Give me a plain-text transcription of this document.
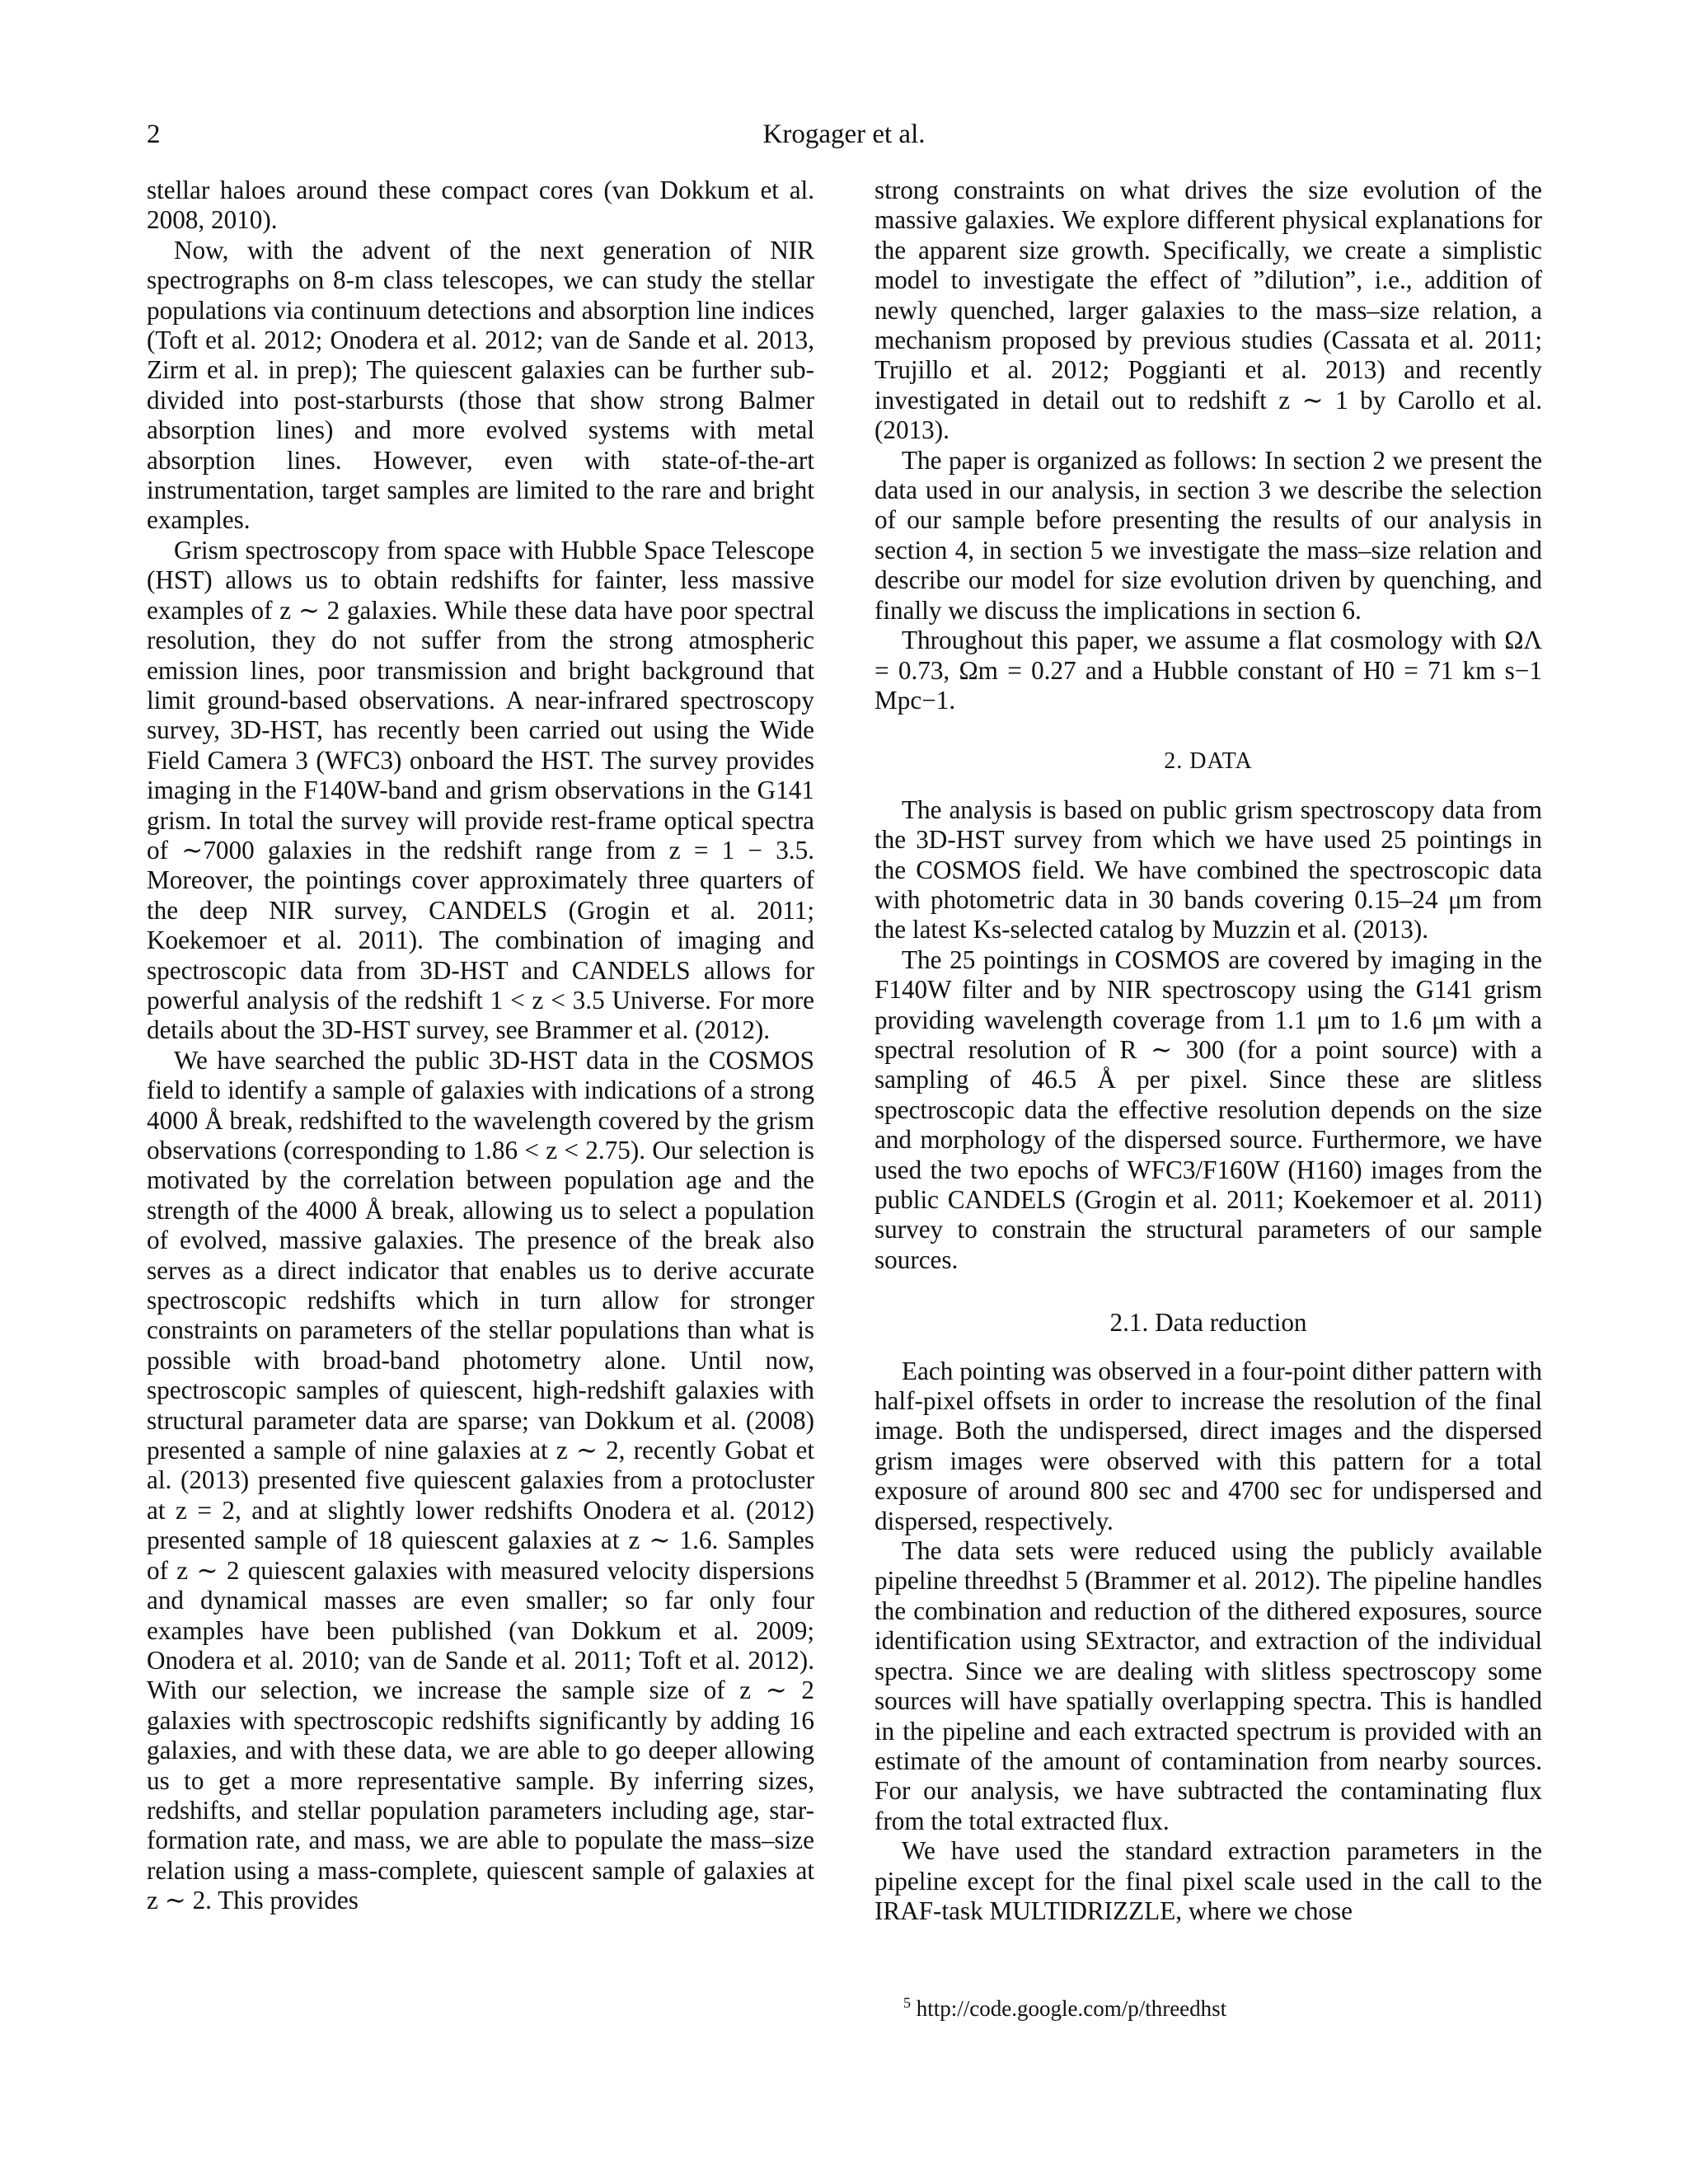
2	Krogager et al.

stellar haloes around these compact cores (van Dokkum et al. 2008, 2010).

Now, with the advent of the next generation of NIR spectrographs on 8-m class telescopes, we can study the stellar populations via continuum detections and absorption line indices (Toft et al. 2012; Onodera et al. 2012; van de Sande et al. 2013, Zirm et al. in prep); The quiescent galaxies can be further sub-divided into post-starbursts (those that show strong Balmer absorption lines) and more evolved systems with metal absorption lines. However, even with state-of-the-art instrumentation, target samples are limited to the rare and bright examples.

Grism spectroscopy from space with Hubble Space Telescope (HST) allows us to obtain redshifts for fainter, less massive examples of z ∼ 2 galaxies. While these data have poor spectral resolution, they do not suffer from the strong atmospheric emission lines, poor transmission and bright background that limit ground-based observations. A near-infrared spectroscopy survey, 3D-HST, has recently been carried out using the Wide Field Camera 3 (WFC3) onboard the HST. The survey provides imaging in the F140W-band and grism observations in the G141 grism. In total the survey will provide rest-frame optical spectra of ∼7000 galaxies in the redshift range from z = 1 − 3.5. Moreover, the pointings cover approximately three quarters of the deep NIR survey, CANDELS (Grogin et al. 2011; Koekemoer et al. 2011). The combination of imaging and spectroscopic data from 3D-HST and CANDELS allows for powerful analysis of the redshift 1 < z < 3.5 Universe. For more details about the 3D-HST survey, see Brammer et al. (2012).

We have searched the public 3D-HST data in the COSMOS field to identify a sample of galaxies with indications of a strong 4000 Å break, redshifted to the wavelength covered by the grism observations (corresponding to 1.86 < z < 2.75). Our selection is motivated by the correlation between population age and the strength of the 4000 Å break, allowing us to select a population of evolved, massive galaxies. The presence of the break also serves as a direct indicator that enables us to derive accurate spectroscopic redshifts which in turn allow for stronger constraints on parameters of the stellar populations than what is possible with broad-band photometry alone. Until now, spectroscopic samples of quiescent, high-redshift galaxies with structural parameter data are sparse; van Dokkum et al. (2008) presented a sample of nine galaxies at z ∼ 2, recently Gobat et al. (2013) presented five quiescent galaxies from a protocluster at z = 2, and at slightly lower redshifts Onodera et al. (2012) presented sample of 18 quiescent galaxies at z ∼ 1.6. Samples of z ∼ 2 quiescent galaxies with measured velocity dispersions and dynamical masses are even smaller; so far only four examples have been published (van Dokkum et al. 2009; Onodera et al. 2010; van de Sande et al. 2011; Toft et al. 2012). With our selection, we increase the sample size of z ∼ 2 galaxies with spectroscopic redshifts significantly by adding 16 galaxies, and with these data, we are able to go deeper allowing us to get a more representative sample. By inferring sizes, redshifts, and stellar population parameters including age, star-formation rate, and mass, we are able to populate the mass–size relation using a mass-complete, quiescent sample of galaxies at z ∼ 2. This provides

strong constraints on what drives the size evolution of the massive galaxies. We explore different physical explanations for the apparent size growth. Specifically, we create a simplistic model to investigate the effect of ”dilution”, i.e., addition of newly quenched, larger galaxies to the mass–size relation, a mechanism proposed by previous studies (Cassata et al. 2011; Trujillo et al. 2012; Poggianti et al. 2013) and recently investigated in detail out to redshift z ∼ 1 by Carollo et al. (2013).

The paper is organized as follows: In section 2 we present the data used in our analysis, in section 3 we describe the selection of our sample before presenting the results of our analysis in section 4, in section 5 we investigate the mass–size relation and describe our model for size evolution driven by quenching, and finally we discuss the implications in section 6.

Throughout this paper, we assume a flat cosmology with ΩΛ = 0.73, Ωm = 0.27 and a Hubble constant of H0 = 71 km s−1 Mpc−1.

2. DATA

The analysis is based on public grism spectroscopy data from the 3D-HST survey from which we have used 25 pointings in the COSMOS field. We have combined the spectroscopic data with photometric data in 30 bands covering 0.15–24 μm from the latest Ks-selected catalog by Muzzin et al. (2013).

The 25 pointings in COSMOS are covered by imaging in the F140W filter and by NIR spectroscopy using the G141 grism providing wavelength coverage from 1.1 μm to 1.6 μm with a spectral resolution of R ∼ 300 (for a point source) with a sampling of 46.5 Å per pixel. Since these are slitless spectroscopic data the effective resolution depends on the size and morphology of the dispersed source. Furthermore, we have used the two epochs of WFC3/F160W (H160) images from the public CANDELS (Grogin et al. 2011; Koekemoer et al. 2011) survey to constrain the structural parameters of our sample sources.

2.1. Data reduction

Each pointing was observed in a four-point dither pattern with half-pixel offsets in order to increase the resolution of the final image. Both the undispersed, direct images and the dispersed grism images were observed with this pattern for a total exposure of around 800 sec and 4700 sec for undispersed and dispersed, respectively.

The data sets were reduced using the publicly available pipeline threedhst 5 (Brammer et al. 2012). The pipeline handles the combination and reduction of the dithered exposures, source identification using SExtractor, and extraction of the individual spectra. Since we are dealing with slitless spectroscopy some sources will have spatially overlapping spectra. This is handled in the pipeline and each extracted spectrum is provided with an estimate of the amount of contamination from nearby sources. For our analysis, we have subtracted the contaminating flux from the total extracted flux.

We have used the standard extraction parameters in the pipeline except for the final pixel scale used in the call to the IRAF-task MULTIDRIZZLE, where we chose

$^5$ http://code.google.com/p/threedhst
